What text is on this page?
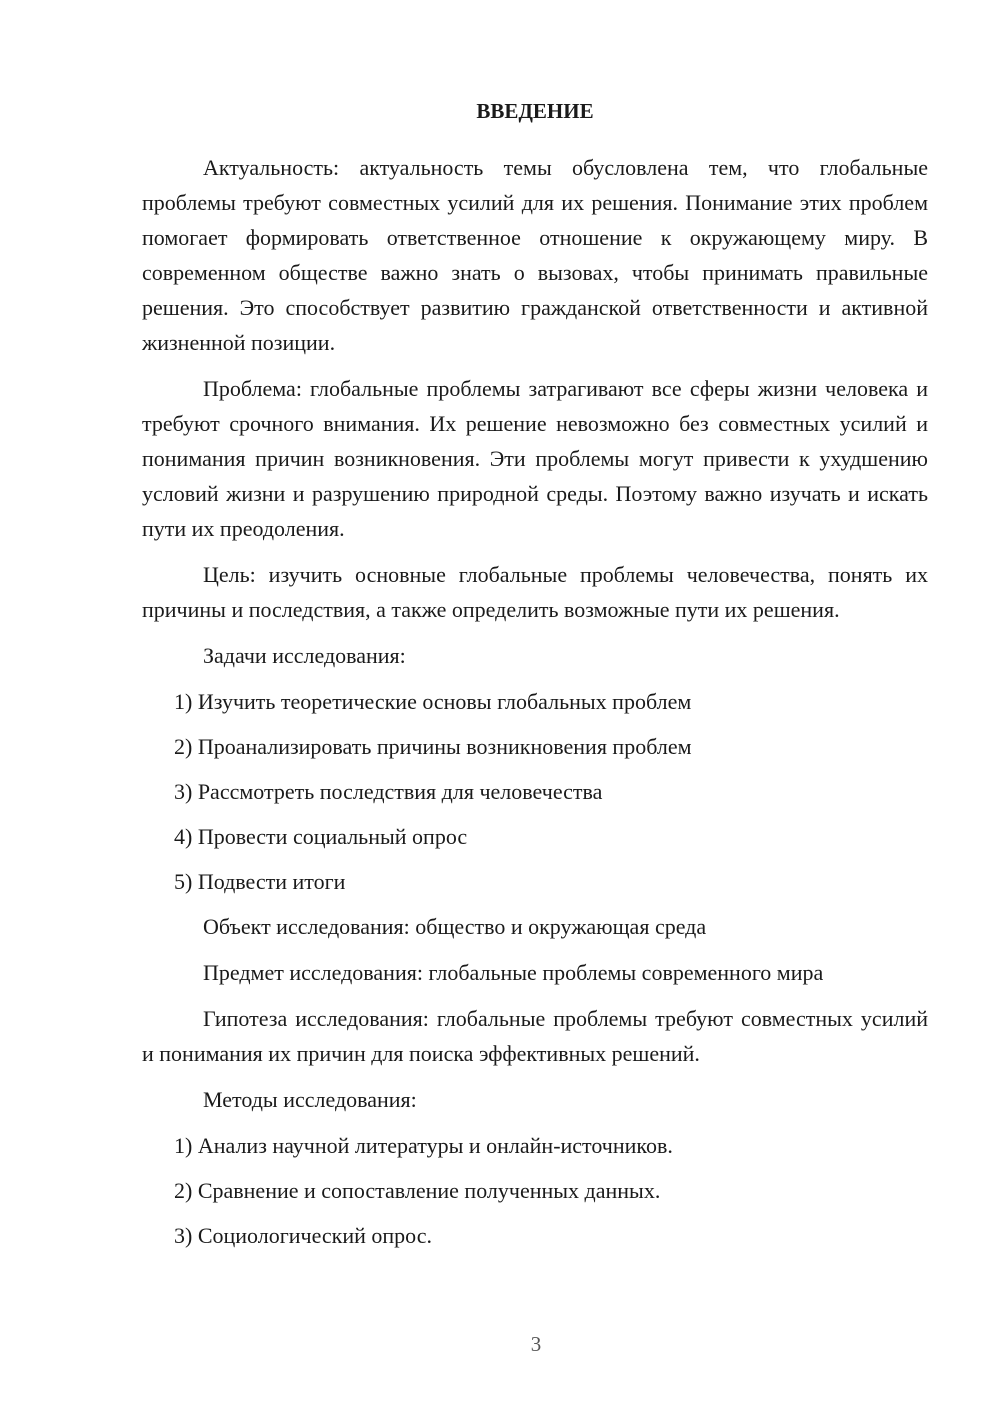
ВВЕДЕНИЕ
Актуальность: актуальность темы обусловлена тем, что глобальные проблемы требуют совместных усилий для их решения. Понимание этих проблем помогает формировать ответственное отношение к окружающему миру. В современном обществе важно знать о вызовах, чтобы принимать правильные решения. Это способствует развитию гражданской ответственности и активной жизненной позиции.
Проблема: глобальные проблемы затрагивают все сферы жизни человека и требуют срочного внимания. Их решение невозможно без совместных усилий и понимания причин возникновения. Эти проблемы могут привести к ухудшению условий жизни и разрушению природной среды. Поэтому важно изучать и искать пути их преодоления.
Цель: изучить основные глобальные проблемы человечества, понять их причины и последствия, а также определить возможные пути их решения.
Задачи исследования:
1) Изучить теоретические основы глобальных проблем
2) Проанализировать причины возникновения проблем
3) Рассмотреть последствия для человечества
4) Провести социальный опрос
5) Подвести итоги
Объект исследования: общество и окружающая среда
Предмет исследования: глобальные проблемы современного мира
Гипотеза исследования: глобальные проблемы требуют совместных усилий и понимания их причин для поиска эффективных решений.
Методы исследования:
1) Анализ научной литературы и онлайн-источников.
2) Сравнение и сопоставление полученных данных.
3) Социологический опрос.
3
